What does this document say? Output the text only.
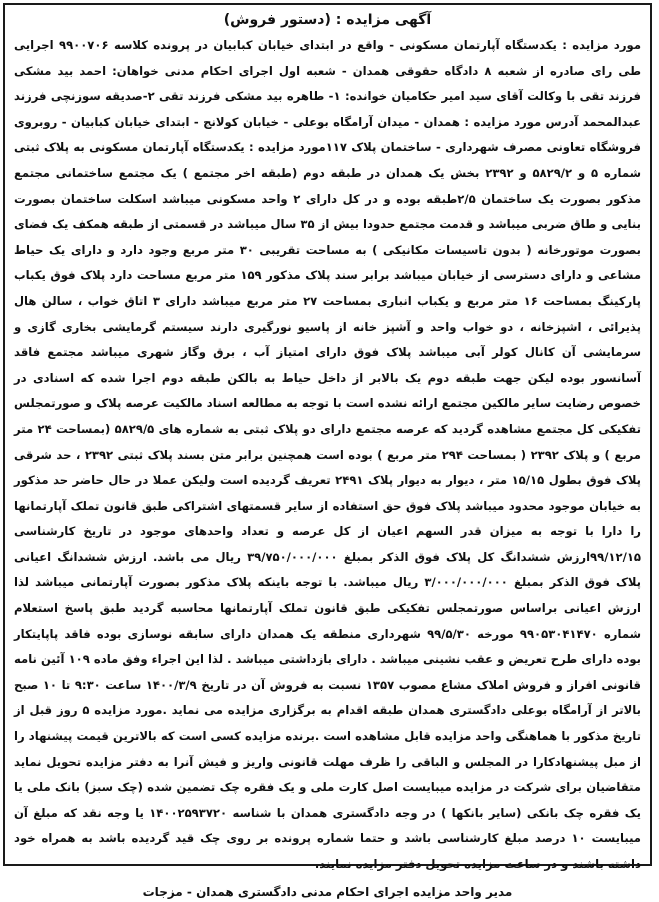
آگهی مزایده : (دستور فروش)

مورد مزایده : یکدستگاه آپارتمان مسکونی - واقع در ابتدای خیابان کبابیان در پرونده کلاسه ۹۹۰۰۷۰۶ اجرایی طی رای صادره از شعبه ۸ دادگاه حقوقی همدان - شعبه اول اجرای احکام مدنی خواهان: احمد بید مشکی فرزند تقی با وکالت آقای سید امیر حکامیان خوانده: ۱- طاهره بید مشکی فرزند تقی ۲-صدیقه سوزنچی فرزند عبدالمحمد آدرس مورد مزایده : همدان - میدان آرامگاه بوعلی - خیابان کولانج - ابتدای خیابان کبابیان - روبروی فروشگاه تعاونی مصرف شهرداری - ساختمان پلاک ۱۱۷مورد مزایده : یکدستگاه آپارتمان مسکونی به پلاک ثبتی شماره ۵ و ۵۸۲۹/۲ و ۲۳۹۲ بخش یک همدان در طبقه دوم (طبقه اخر مجتمع ) یک مجتمع ساختمانی مجتمع مذکور بصورت یک ساختمان ۲/۵طبقه بوده و در کل دارای ۲ واحد مسکونی میباشد اسکلت ساختمان بصورت بنایی و طاق ضربی میباشد و قدمت مجتمع حدودا بیش از ۳۵ سال میباشد در قسمتی از طبقه همکف یک فضای بصورت موتورخانه ( بدون تاسیسات مکانیکی ) به مساحت تقریبی ۳۰ متر مربع وجود دارد و دارای یک حیاط مشاعی و دارای دسترسی از خیابان میباشد برابر سند پلاک مذکور ۱۵۹ متر مربع مساحت دارد پلاک فوق یکباب پارکینگ بمساحت ۱۶ متر مربع و یکباب انباری بمساحت ۲۷ متر مربع میباشد دارای ۳ اتاق خواب ، سالن هال پذیرائی ، اشپزخانه ، دو خواب واحد و آشپز خانه از پاسیو نورگیری دارند سیستم گرمایشی بخاری گازی و سرمایشی آن کانال کولر آبی میباشد پلاک فوق دارای امتیاز آب ، برق وگاز شهری میباشد مجتمع فاقد آسانسور بوده لیکن جهت طبقه دوم یک بالابر از داخل حیاط به بالکن طبقه دوم اجرا شده که اسنادی در خصوص رضایت سایر مالکین مجتمع ارائه نشده است با توجه به مطالعه اسناد مالکیت عرصه پلاک و صورتمجلس تفکیکی کل مجتمع مشاهده گردید که عرصه مجتمع دارای دو پلاک ثبتی به شماره های ۵۸۲۹/۵ (بمساحت ۲۴ متر مربع ) و پلاک ۲۳۹۲ ( بمساحت ۲۹۴ متر مربع ) بوده است همچنین برابر متن بسند پلاک ثبتی ۲۳۹۲ ، حد شرقی پلاک فوق بطول ۱۵/۱۵ متر ، دیوار به دیوار پلاک ۲۴۹۱ تعریف گردیده است ولیکن عملا در حال حاضر حد مذکور به خیابان موجود محدود میباشد پلاک فوق حق استفاده از سایر قسمتهای اشتراکی طبق قانون تملک آپارتمانها را دارا با توجه به میزان قدر السهم اعیان از کل عرصه و تعداد واحدهای موجود در تاریخ کارشناسی ۹۹/۱۲/۱۵ارزش ششدانگ کل پلاک فوق الذکر بمبلغ ۳۹/۷۵۰/۰۰۰/۰۰۰ ریال می باشد. ارزش ششدانگ اعیانی پلاک فوق الذکر بمبلغ ۳/۰۰۰/۰۰۰/۰۰۰ ریال میباشد. با توجه باینکه پلاک مذکور بصورت آپارتمانی میباشد لذا ارزش اعیانی براساس صورتمجلس تفکیکی طبق قانون تملک آپارتمانها محاسبه گردید طبق پاسخ استعلام شماره ۹۹۰۵۳۰۴۱۴۷۰ مورخه ۹۹/۵/۳۰ شهرداری منطقه یک همدان دارای سابقه نوسازی بوده فاقد پاپایتکار بوده دارای طرح تعریض و عقب نشینی میباشد . دارای بازداشتی میباشد . لذا این اجراء وفق ماده ۱۰۹ آئین نامه قانونی افراز و فروش املاک مشاع مصوب ۱۳۵۷ نسبت به فروش آن در تاریخ ۱۴۰۰/۳/۹ ساعت ۹:۳۰ تا ۱۰ صبح بالاتر از آرامگاه بوعلی دادگستری همدان طبقه اقدام به برگزاری مزایده می نماید .مورد مزایده ۵ روز قبل از تاریخ مذکور با هماهنگی واحد مزایده قابل مشاهده است .برنده مزایده کسی است که بالاترین قیمت پیشنهاد را از مبل پیشنهادکارا در المجلس و الباقی را ظرف مهلت قانونی واریز و فیش آنرا به دفتر مزایده تحویل نماید متقاضیان برای شرکت در مزایده میبایست اصل کارت ملی و یک فقره چک تضمین شده (چک سبز) بانک ملی یا یک فقره چک بانکی (سایر بانکها ) در وجه دادگستری همدان با شناسه ۱۴۰۰۲۵۹۳۷۲۰ یا وجه نقد که مبلغ آن میبایست ۱۰ درصد مبلغ کارشناسی باشد و حتما شماره پرونده بر روی چک قید گردیده باشد به همراه خود داشته باشند و در ساعت مزایده تحویل دفتر مزایده نمایند.

مدیر واحد مزایده اجرای احکام مدنی دادگستری همدان - مزجات
